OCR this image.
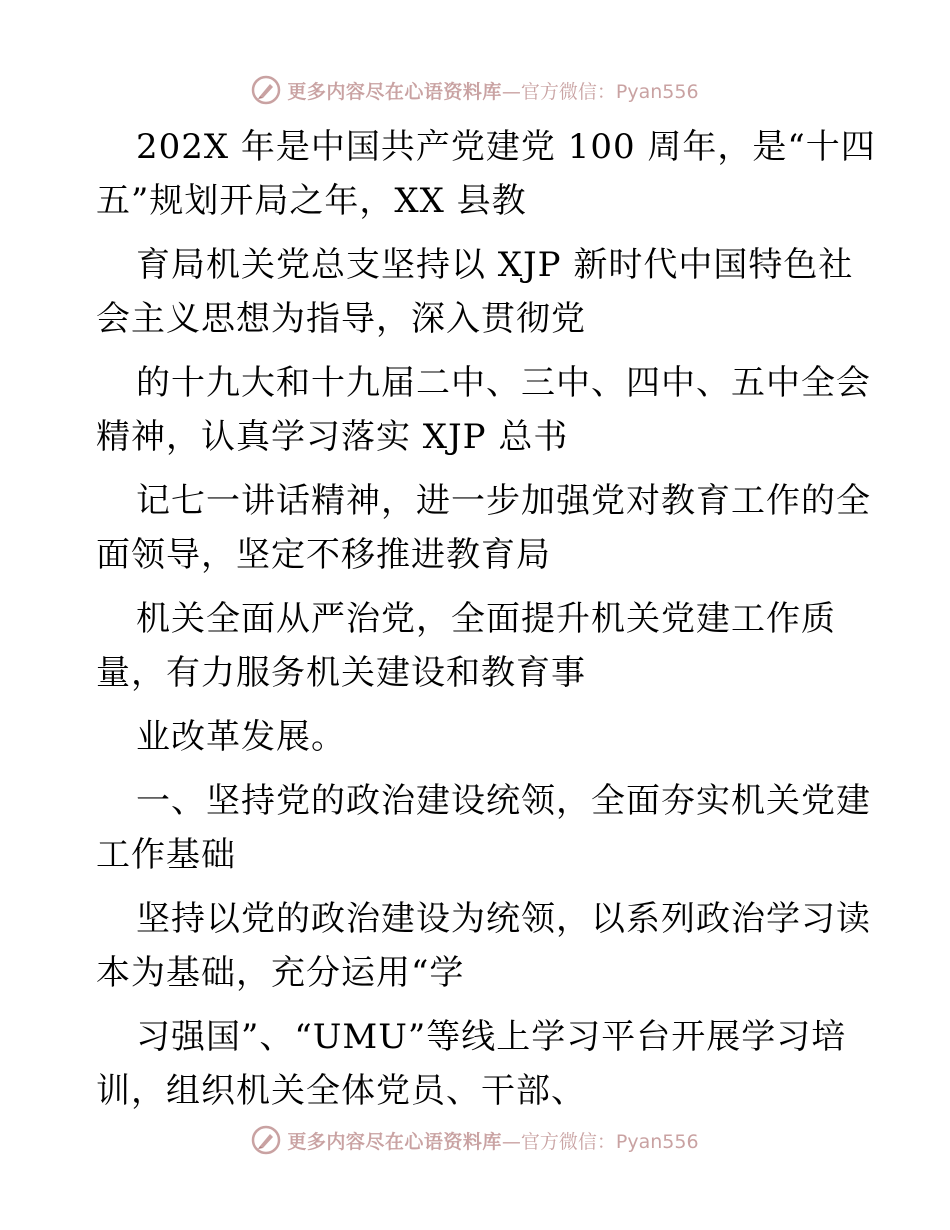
更多内容尽在心语资料库 —官方微信：Pyan556
202X 年是中国共产党建党 100 周年，是“十四
五”规划开局之年，XX 县教
育局机关党总支坚持以 XJP 新时代中国特色社
会主义思想为指导，深入贯彻党
的十九大和十九届二中、三中、四中、五中全会
精神，认真学习落实 XJP 总书
记七一讲话精神，进一步加强党对教育工作的全
面领导，坚定不移推进教育局
机关全面从严治党，全面提升机关党建工作质
量，有力服务机关建设和教育事
业改革发展。
一、坚持党的政治建设统领，全面夯实机关党建
工作基础
坚持以党的政治建设为统领，以系列政治学习读
本为基础，充分运用“学
习强国”、“UMU”等线上学习平台开展学习培
训，组织机关全体党员、干部、
更多内容尽在心语资料库 —官方微信：Pyan556
